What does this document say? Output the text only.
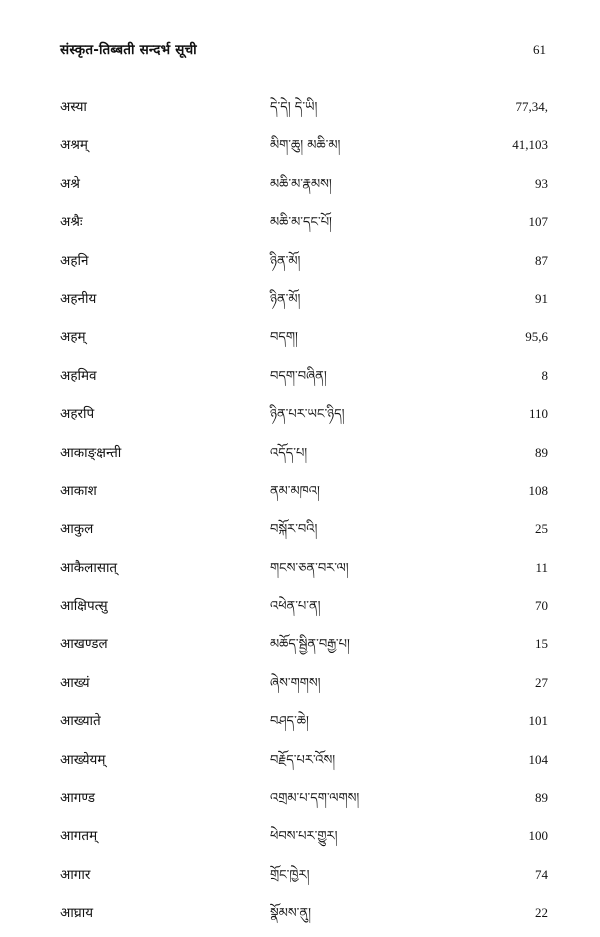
संस्कृत-तिब्बती सन्दर्भ सूची	61
अस्या	དེ་དེ། དེ་ཡི།	77,34,
अश्रम्	མིག་ཆུ། མཆི་མ།	41,103
अश्रे	མཆི་མ་རྣམས།	93
अश्रैः	མཆི་མ་དང་པོ།	107
अहनि	ཉིན་མོ།	87
अहनीय	ཉིན་མོ།	91
अहम्	བདག།	95,6
अहमिव	བདག་བཞིན།	8
अहरपि	ཉིན་པར་ཡང་ཉིད།	110
आकाङ्क्षन्ती	འདོད་པ།	89
आकाश	ནམ་མཁའ།	108
आकुल	བསྐོར་བའི།	25
आकैलासात्	གངས་ཅན་བར་ལ།	11
आक्षिपत्सु	འཕེན་པ་ན།	70
आखण्डल	མཆོད་སྦྱིན་བརྒྱ་པ།	15
आख्यं	ཞེས་གགས།	27
आख्याते	བཤད་ཆེ།	101
आख्येयम्	བརྗོད་པར་འོས།	104
आगण्ड	འགྲམ་པ་དག་ལགས།	89
आगतम्	ཕེབས་པར་གྱུར།	100
आगार	གྲོང་ཁྱེར།	74
आघ्राय	སྣོམས་ནུ།	22
